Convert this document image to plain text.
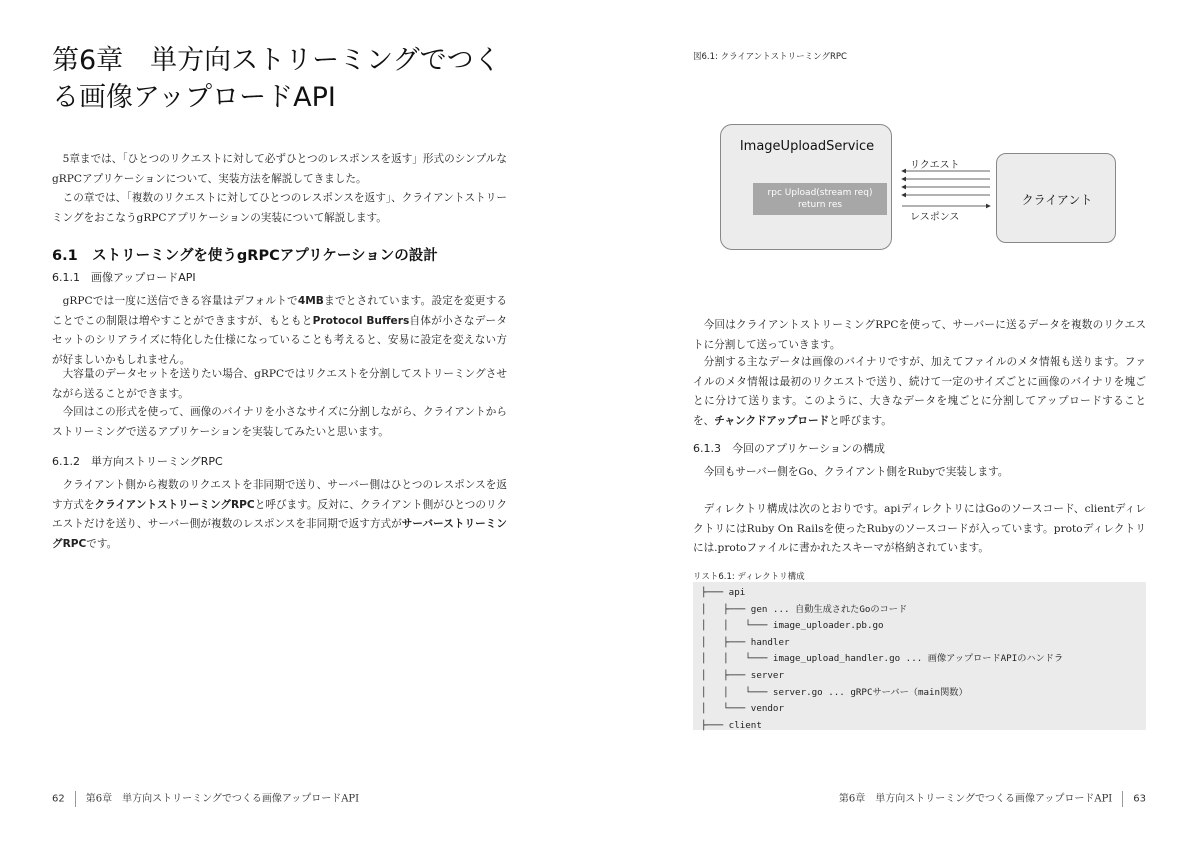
第6章　単方向ストリーミングでつくる画像アップロードAPI

5章までは、「ひとつのリクエストに対して必ずひとつのレスポンスを返す」形式のシンプルなgRPCアプリケーションについて、実装方法を解説してきました。

この章では、「複数のリクエストに対してひとつのレスポンスを返す」、クライアントストリーミングをおこなうgRPCアプリケーションの実装について解説します。

6.1　ストリーミングを使うgRPCアプリケーションの設計
6.1.1　画像アップロードAPI

gRPCでは一度に送信できる容量はデフォルトで4MBまでとされています。設定を変更することでこの制限は増やすことができますが、もともとProtocol Buffers自体が小さなデータセットのシリアライズに特化した仕様になっていることも考えると、安易に設定を変えない方が好ましいかもしれません。

大容量のデータセットを送りたい場合、gRPCではリクエストを分割してストリーミングさせながら送ることができます。

今回はこの形式を使って、画像のバイナリを小さなサイズに分割しながら、クライアントからストリーミングで送るアプリケーションを実装してみたいと思います。

6.1.2　単方向ストリーミングRPC

クライアント側から複数のリクエストを非同期で送り、サーバー側はひとつのレスポンスを返す方式をクライアントストリーミングRPCと呼びます。反対に、クライアント側がひとつのリクエストだけを送り、サーバー側が複数のレスポンスを非同期で返す方式がサーバーストリーミングRPCです。

62 第6章　単方向ストリーミングでつくる画像アップロードAPI

図6.1: クライアントストリーミングRPC

ImageUploadService
rpc Upload(stream req)
return res	クライアント
リクエスト
レスポンス

今回はクライアントストリーミングRPCを使って、サーバーに送るデータを複数のリクエストに分割して送っていきます。

分割する主なデータは画像のバイナリですが、加えてファイルのメタ情報も送ります。ファイルのメタ情報は最初のリクエストで送り、続けて一定のサイズごとに画像のバイナリを塊ごとに分けて送ります。このように、大きなデータを塊ごとに分割してアップロードすることを、チャンクドアップロードと呼びます。

6.1.3　今回のアプリケーションの構成

今回もサーバー側をGo、クライアント側をRubyで実装します。

ディレクトリ構成は次のとおりです。apiディレクトリにはGoのソースコード、clientディレクトリにはRuby On Railsを使ったRubyのソースコードが入っています。protoディレクトリには.protoファイルに書かれたスキーマが格納されています。

リスト6.1: ディレクトリ構成

├─── api
│   ├─── gen ... 自動生成されたGoのコード
│   │   └─── image_uploader.pb.go
│   ├─── handler
│   │   └─── image_upload_handler.go ... 画像アップロードAPIのハンドラ
│   ├─── server
│   │   └─── server.go ... gRPCサーバー（main関数）
│   └─── vendor
├─── client
第6章　単方向ストリーミングでつくる画像アップロードAPI 63
